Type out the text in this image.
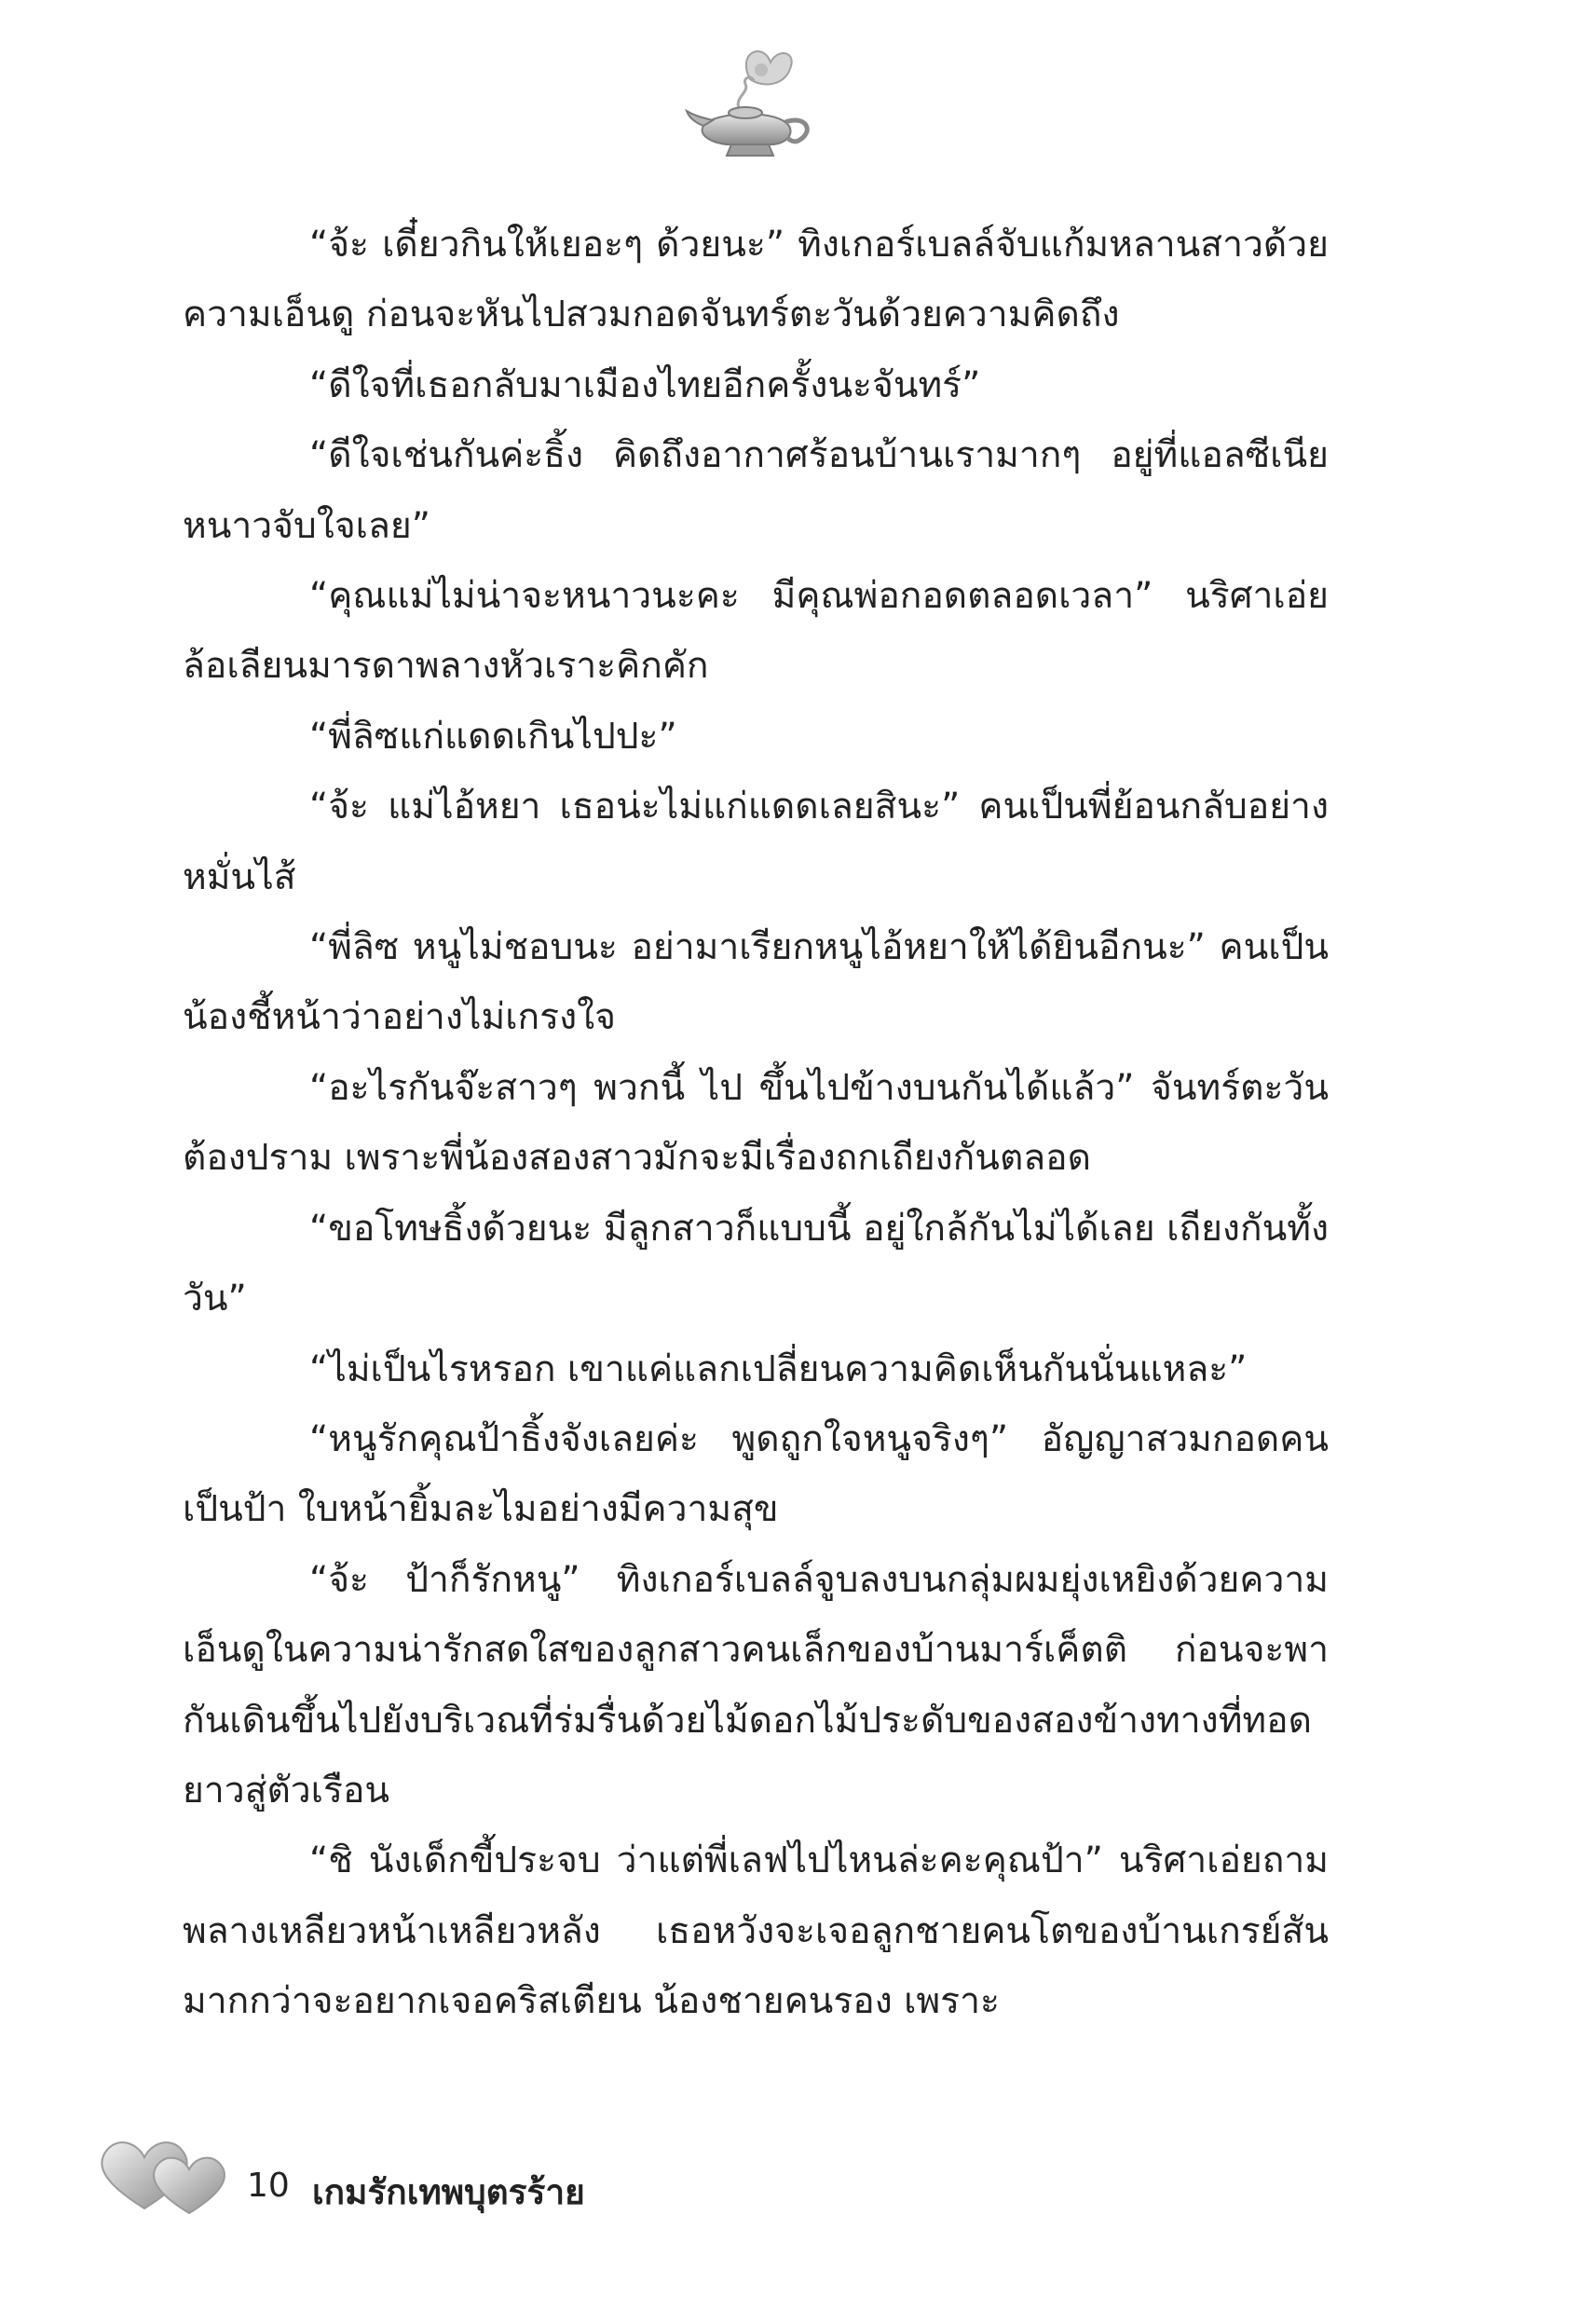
“จ้ะ เดี๋ยวกินให้เยอะๆ ด้วยนะ” ทิงเกอร์เบลล์จับแก้มหลานสาวด้วยความเอ็นดู ก่อนจะหันไปสวมกอดจันทร์ตะวันด้วยความคิดถึง

“ดีใจที่เธอกลับมาเมืองไทยอีกครั้งนะจันทร์”

“ดีใจเช่นกันค่ะธิ้ง คิดถึงอากาศร้อนบ้านเรามากๆ อยู่ที่แอลซีเนียหนาวจับใจเลย”

“คุณแม่ไม่น่าจะหนาวนะคะ มีคุณพ่อกอดตลอดเวลา” นริศาเอ่ยล้อเลียนมารดาพลางหัวเราะคิกคัก

“พี่ลิซแก่แดดเกินไปปะ”

“จ้ะ แม่ไอ้หยา เธอน่ะไม่แก่แดดเลยสินะ” คนเป็นพี่ย้อนกลับอย่างหมั่นไส้

“พี่ลิซ หนูไม่ชอบนะ อย่ามาเรียกหนูไอ้หยาให้ได้ยินอีกนะ” คนเป็นน้องชี้หน้าว่าอย่างไม่เกรงใจ

“อะไรกันจ๊ะสาวๆ พวกนี้ ไป ขึ้นไปข้างบนกันได้แล้ว” จันทร์ตะวันต้องปราม เพราะพี่น้องสองสาวมักจะมีเรื่องถกเถียงกันตลอด

“ขอโทษธิ้งด้วยนะ มีลูกสาวก็แบบนี้ อยู่ใกล้กันไม่ได้เลย เถียงกันทั้งวัน”

“ไม่เป็นไรหรอก เขาแค่แลกเปลี่ยนความคิดเห็นกันนั่นแหละ”

“หนูรักคุณป้าธิ้งจังเลยค่ะ พูดถูกใจหนูจริงๆ” อัญญาสวมกอดคนเป็นป้า ใบหน้ายิ้มละไมอย่างมีความสุข

“จ้ะ ป้าก็รักหนู” ทิงเกอร์เบลล์จูบลงบนกลุ่มผมยุ่งเหยิงด้วยความเอ็นดูในความน่ารักสดใสของลูกสาวคนเล็กของบ้านมาร์เค็ตติ ก่อนจะพากันเดินขึ้นไปยังบริเวณที่ร่มรื่นด้วยไม้ดอกไม้ประดับของสองข้างทางที่ทอดยาวสู่ตัวเรือน

“ชิ นังเด็กขี้ประจบ ว่าแต่พี่เลฟไปไหนล่ะคะคุณป้า” นริศาเอ่ยถามพลางเหลียวหน้าเหลียวหลัง เธอหวังจะเจอลูกชายคนโตของบ้านเกรย์สันมากกว่าจะอยากเจอคริสเตียน น้องชายคนรอง เพราะ

10 เกมรักเทพบุตรร้าย
